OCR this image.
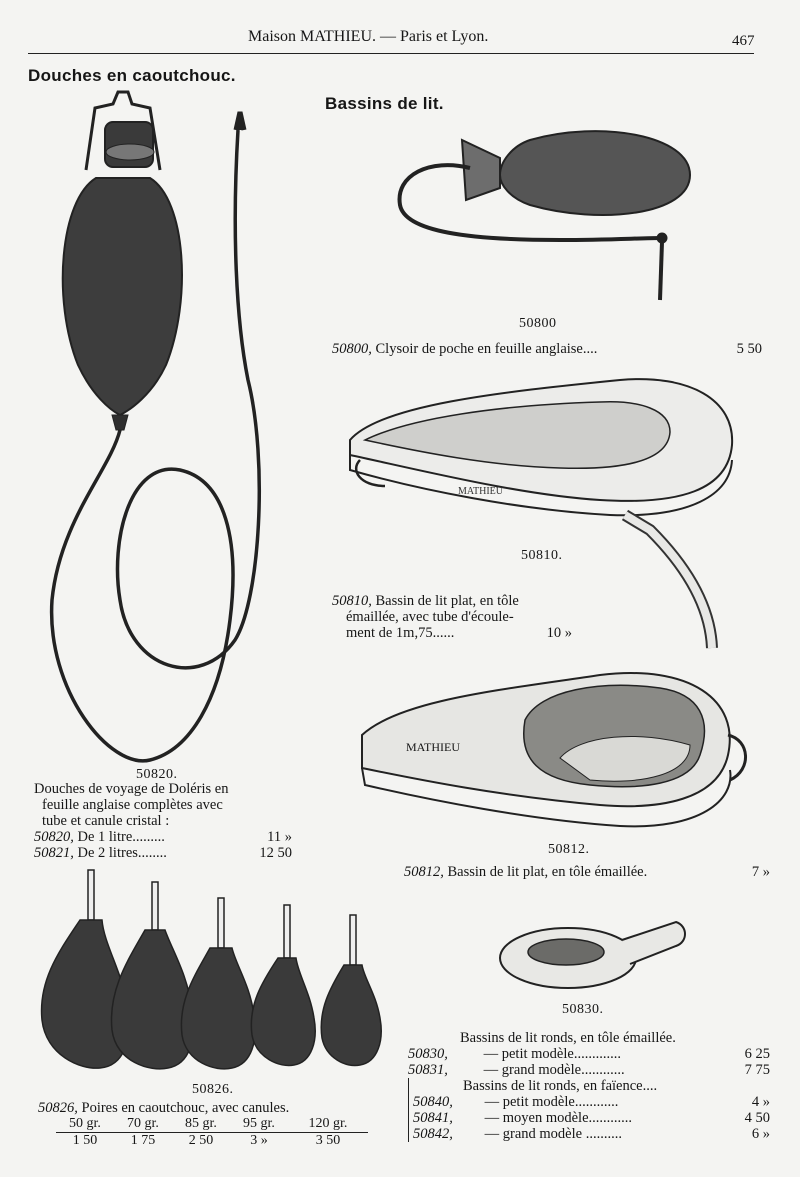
Maison MATHIEU. — Paris et Lyon.	467
Douches en caoutchouc.
Bassins de lit.
MATHIEU
MATHIEU
50800
50800, Clysoir de poche en feuille anglaise....	5 50
50810.
50810, Bassin de lit plat, en tôle
émaillée, avec tube d'écoule-
ment de 1m,75......	10 »
50812.
50812, Bassin de lit plat, en tôle émaillée.	7 »
50820.
Douches de voyage de Doléris en
feuille anglaise complètes avec
tube et canule cristal :
50820, De 1 litre.........	11 »
50821, De 2 litres........	12 50
50826.
50826, Poires en caoutchouc, avec canules.
50 gr.	70 gr.	85 gr.	95 gr.	120 gr.
1 50	1 75	2 50	3 »	3 50
50830.
Bassins de lit ronds, en tôle émaillée.
50830, — petit modèle.............	6 25
50831, — grand modèle............	7 75
Bassins de lit ronds, en faïence....
50840, — petit modèle............	4 »
50841, — moyen modèle............	4 50
50842, — grand modèle ..........	6 »
